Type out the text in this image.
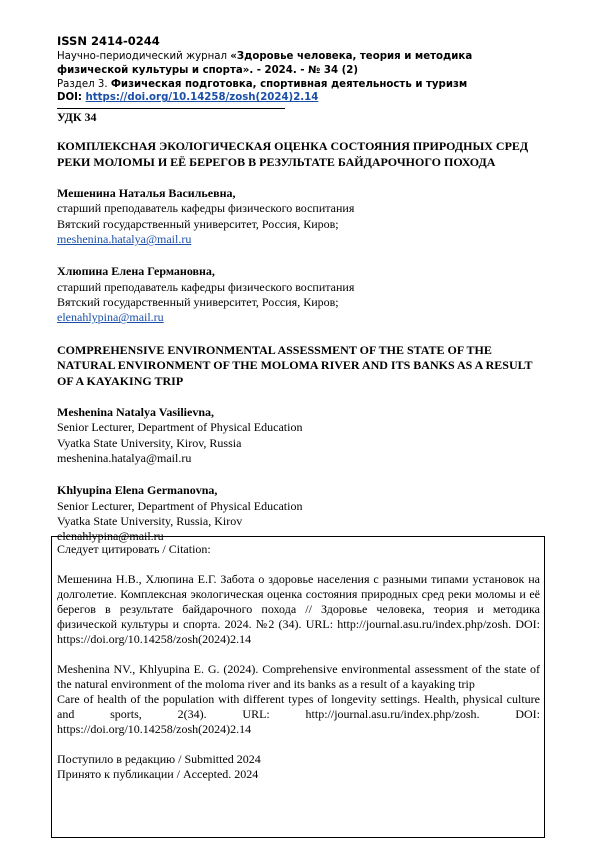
ISSN 2414-0244
Научно-периодический журнал «Здоровье человека, теория и методика физической культуры и спорта». - 2024. - № 34 (2)
Раздел 3. Физическая подготовка, спортивная деятельность и туризм
DOI: https://doi.org/10.14258/zosh(2024)2.14
УДК 34
КОМПЛЕКСНАЯ ЭКОЛОГИЧЕСКАЯ ОЦЕНКА СОСТОЯНИЯ ПРИРОДНЫХ СРЕД РЕКИ МОЛОМЫ И ЕЁ БЕРЕГОВ В РЕЗУЛЬТАТЕ БАЙДАРОЧНОГО ПОХОДА
Мешенина Наталья Васильевна,
старший преподаватель кафедры физического воспитания
Вятский государственный университет, Россия, Киров;
meshenina.hatalya@mail.ru
Хлюпина Елена Германовна,
старший преподаватель кафедры физического воспитания
Вятский государственный университет, Россия, Киров;
elenahlypina@mail.ru
COMPREHENSIVE ENVIRONMENTAL ASSESSMENT OF THE STATE OF THE NATURAL ENVIRONMENT OF THE MOLOMA RIVER AND ITS BANKS AS A RESULT OF A KAYAKING TRIP
Meshenina Natalya Vasilievna,
Senior Lecturer, Department of Physical Education
Vyatka State University, Kirov, Russia
meshenina.hatalya@mail.ru
Khlyupina Elena Germanovna,
Senior Lecturer, Department of Physical Education
Vyatka State University, Russia, Kirov
elenahlypina@mail.ru

Следует цитировать / Citation:

Мешенина Н.В., Хлюпина Е.Г. Забота о здоровье населения с разными типами установок на долголетие. Комплексная экологическая оценка состояния природных сред реки моломы и её берегов в результате байдарочного похода // Здоровье человека, теория и методика физической культуры и спорта. 2024. №2 (34). URL: http://journal.asu.ru/index.php/zosh. DOI: https://doi.org/10.14258/zosh(2024)2.14

Meshenina NV., Khlyupina E. G. (2024). Сomprehensive environmental assessment of the state of the natural environment of the moloma river and its banks as a result of a kayaking trip

Care of health of the population with different types of longevity settings. Health, physical culture and sports, 2(34). URL: http://journal.asu.ru/index.php/zosh. DOI: https://doi.org/10.14258/zosh(2024)2.14

Поступило в редакцию / Submitted 2024

Принято к публикации / Accepted. 2024
